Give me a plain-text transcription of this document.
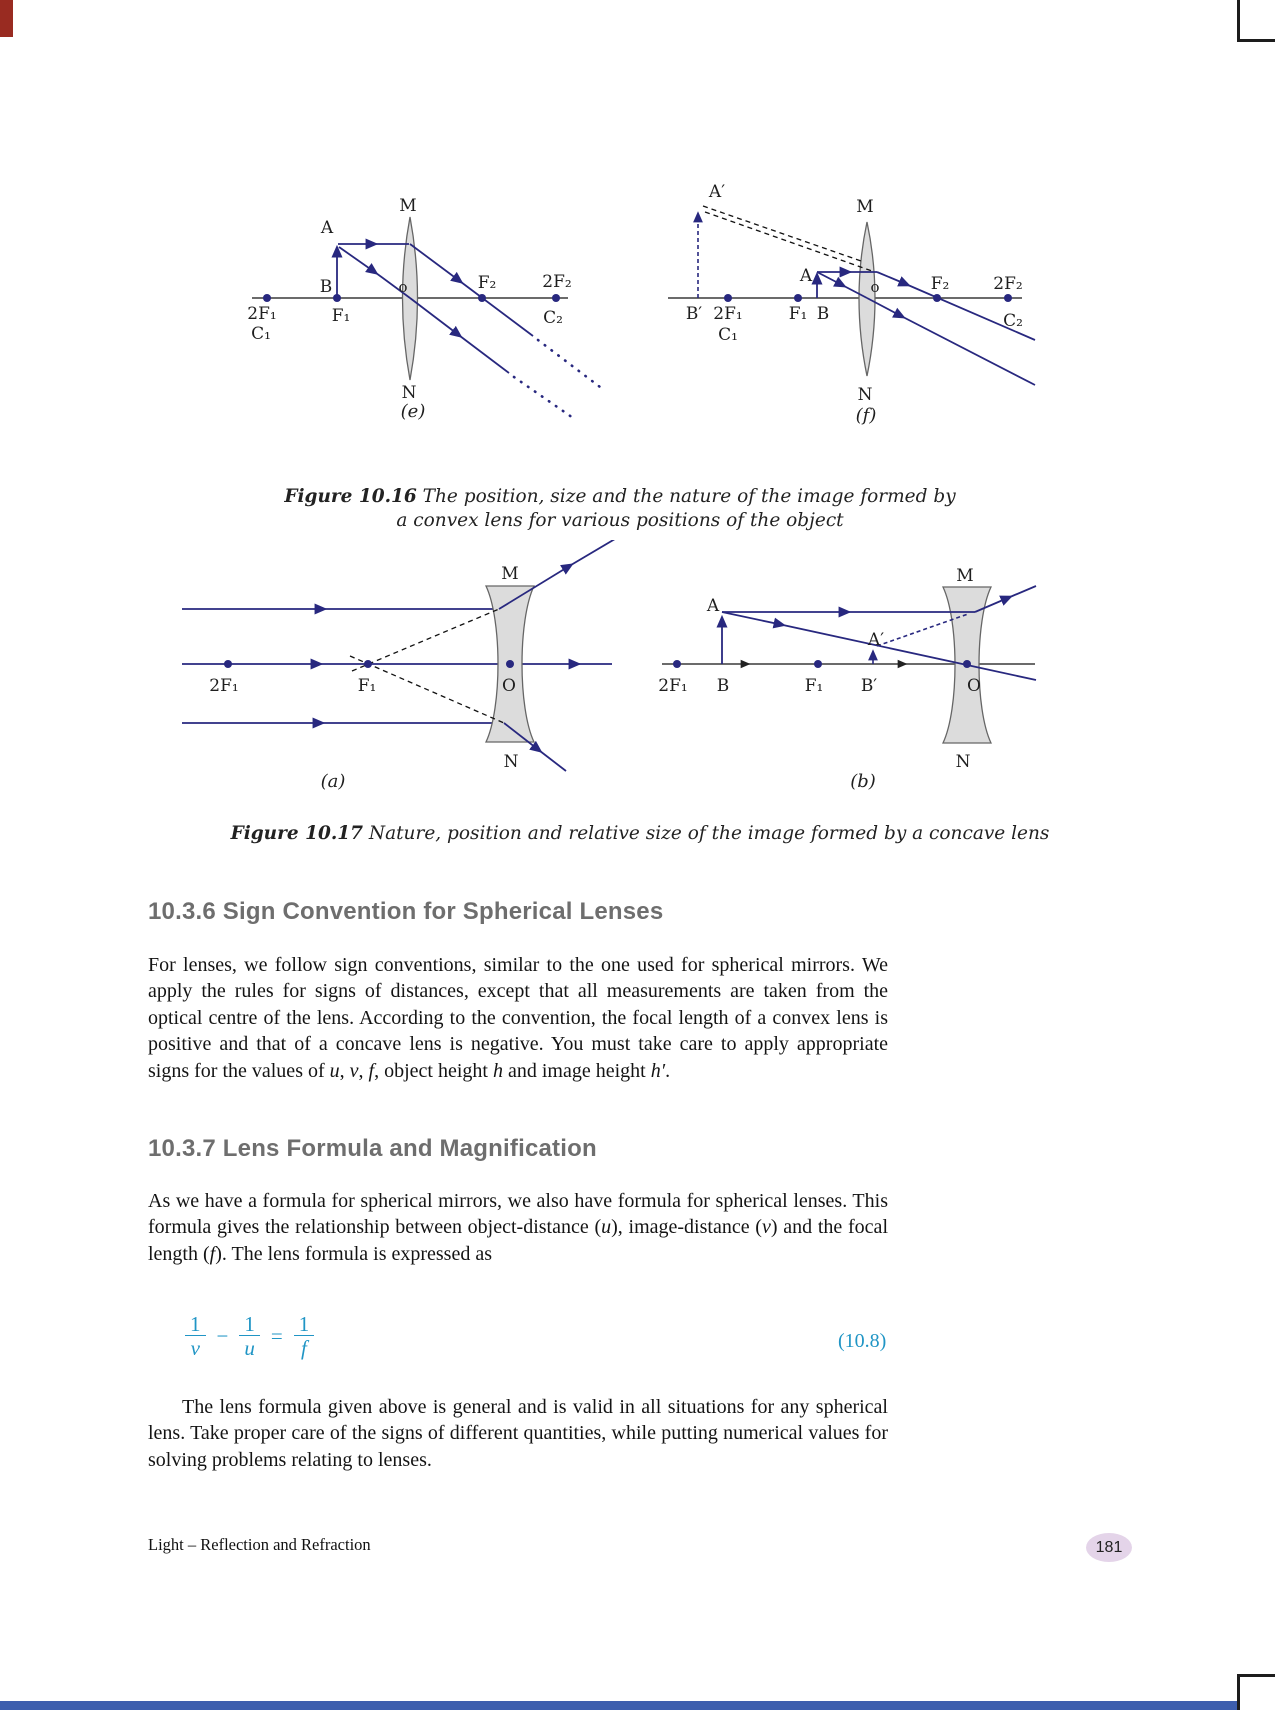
M
A
B	o	F₂	2F₂
C₂
2F₁
C₁
F₁
N
(e)
A′
M
A
o	F₂	2F₂
B′ 2F₁	F₁ B
C₁
C₂
N
(f)
Figure 10.16 The position, size and the nature of the image formed by
a convex lens for various positions of the object
M
2F₁	F₁	O
N
(a)
M
A
A′
2F₁ B	F₁ B′	O
N
(b)
Figure 10.17 Nature, position and relative size of the image formed by a concave lens
10.3.6 Sign Convention for Spherical Lenses
For lenses, we follow sign conventions, similar to the one used for spherical mirrors. We apply the rules for signs of distances, except that all measurements are taken from the optical centre of the lens. According to the convention, the focal length of a convex lens is positive and that of a concave lens is negative. You must take care to apply appropriate signs for the values of u, v, f, object height h and image height h′.
10.3.7 Lens Formula and Magnification
As we have a formula for spherical mirrors, we also have formula for spherical lenses. This formula gives the relationship between object-distance (u), image-distance (v) and the focal length (f). The lens formula is expressed as
$\frac{1}{v} - \frac{1}{u} = \frac{1}{f}$	(10.8)
The lens formula given above is general and is valid in all situations for any spherical lens. Take proper care of the signs of different quantities, while putting numerical values for solving problems relating to lenses.
Light – Reflection and Refraction	181
